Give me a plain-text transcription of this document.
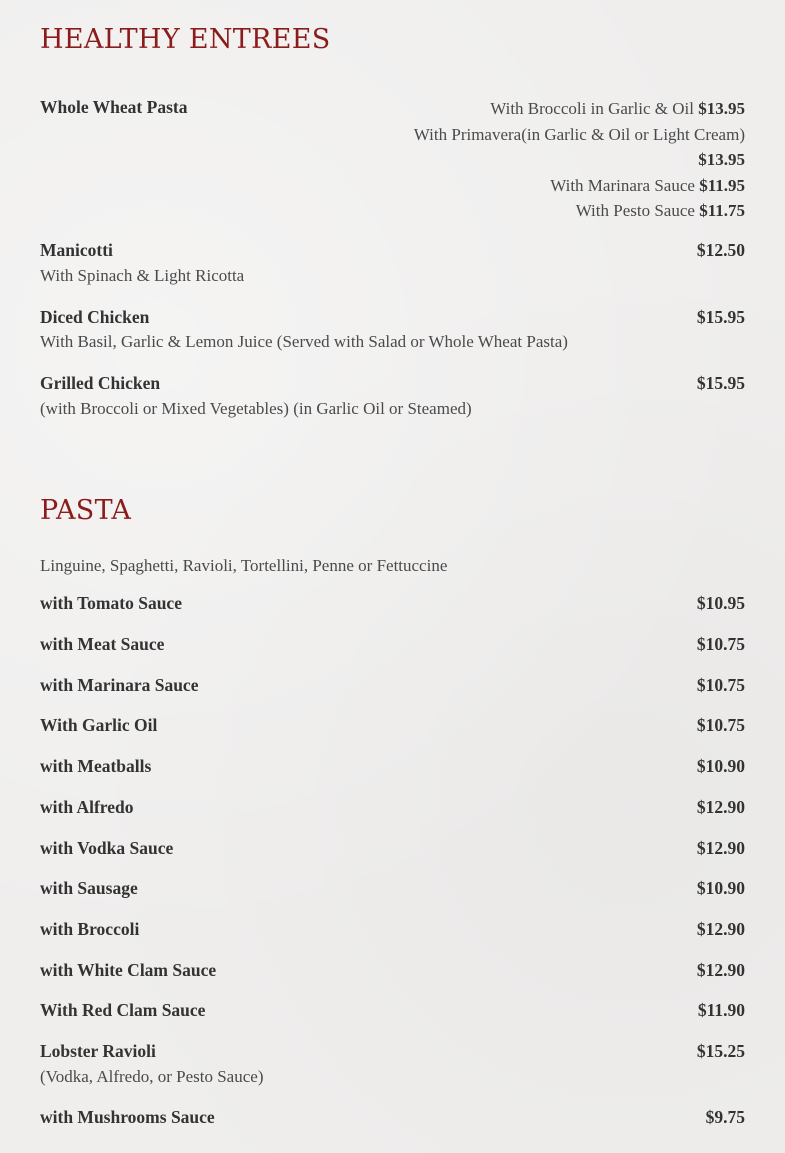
HEALTHY ENTREES
Whole Wheat Pasta	With Broccoli in Garlic & Oil $13.95
With Primavera(in Garlic & Oil or Light Cream)
$13.95
With Marinara Sauce $11.95
With Pesto Sauce $11.75
Manicotti	$12.50
With Spinach & Light Ricotta
Diced Chicken	$15.95
With Basil, Garlic & Lemon Juice (Served with Salad or Whole Wheat Pasta)
Grilled Chicken	$15.95
(with Broccoli or Mixed Vegetables) (in Garlic Oil or Steamed)
PASTA
Linguine, Spaghetti, Ravioli, Tortellini, Penne or Fettuccine
with Tomato Sauce	$10.95
with Meat Sauce	$10.75
with Marinara Sauce	$10.75
With Garlic Oil	$10.75
with Meatballs	$10.90
with Alfredo	$12.90
with Vodka Sauce	$12.90
with Sausage	$10.90
with Broccoli	$12.90
with White Clam Sauce	$12.90
With Red Clam Sauce	$11.90
Lobster Ravioli	$15.25
(Vodka, Alfredo, or Pesto Sauce)
with Mushrooms Sauce	$9.75
